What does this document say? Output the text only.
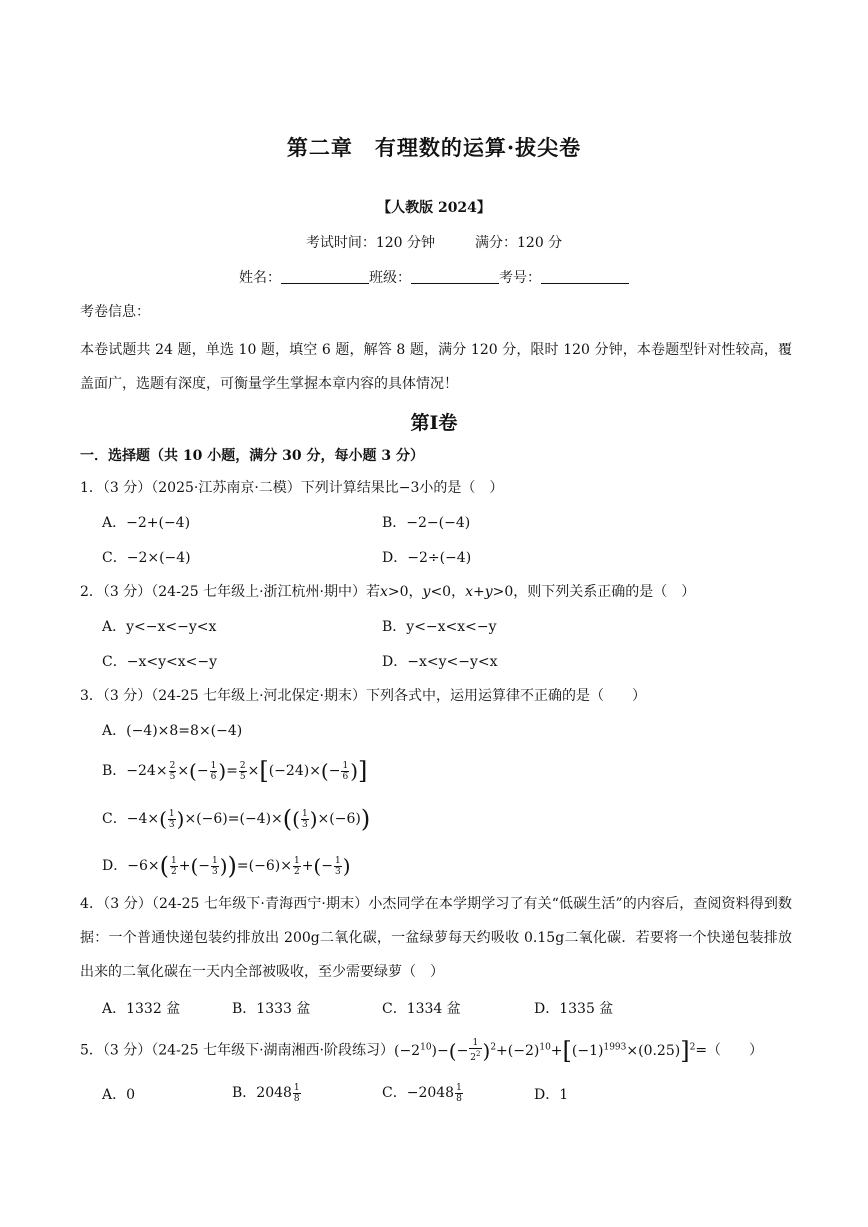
第二章　有理数的运算·拔尖卷
【人教版 2024】
考试时间：120 分钟	满分：120 分
姓名：	班级：	考号：
考卷信息：
本卷试题共 24 题，单选 10 题，填空 6 题，解答 8 题，满分 120 分，限时 120 分钟，本卷题型针对性较高，覆盖面广，选题有深度，可衡量学生掌握本章内容的具体情况！
第Ⅰ卷
一．选择题（共 10 小题，满分 30 分，每小题 3 分）
1．（3 分）（2025·江苏南京·二模）下列计算结果比−3小的是（　）
A．−2+(−4)	B．−2−(−4)
C．−2×(−4)	D．−2÷(−4)
2．（3 分）（24-25 七年级上·浙江杭州·期中）若x>0，y<0，x+y>0，则下列关系正确的是（　）
A．y<−x<−y<x	B．y<−x<x<−y
C．−x<y<x<−y	D．−x<y<−y<x
3．（3 分）（24-25 七年级上·河北保定·期末）下列各式中，运用运算律不正确的是（　　）
A．(−4)×8=8×(−4)
B．$-24\times \frac{2}{5}$ ×(− $\frac{1}{6}$ )= $\frac{2}{5} \times[(-24)\times(- \frac{1}{6}$ )]
C．$-4\times( \frac{1}{3} )\times(-6)=(-4)\times(( \frac{1}{3} )\times(-6))$
D．$-6\times( \frac{1}{2}$ +(− $\frac{1}{3} ))=(-6)\times \frac{1}{2}$ +(− $\frac{1}{3}$ )
4．（3 分）（24-25 七年级下·青海西宁·期末）小杰同学在本学期学习了有关“低碳生活”的内容后，查阅资料得到数据：一个普通快递包装约排放出 200g二氧化碳，一盆绿萝每天约吸收 0.15g二氧化碳．若要将一个快递包装排放出来的二氧化碳在一天内全部被吸收，至少需要绿萝（　）
A．1332 盆	B．1333 盆	C．1334 盆	D．1335 盆
5．（3 分）（24-25 七年级下·湖南湘西·阶段练习）$(-2^{10})-(- \frac{1}{2^2} )^2+(-2)^{10}+[(-1)^{1993}\times(0.25)]^2=$（　　）
A．0	B．$2048 \frac{1}{8}$	C．$-2048 \frac{1}{8}$	D．1
